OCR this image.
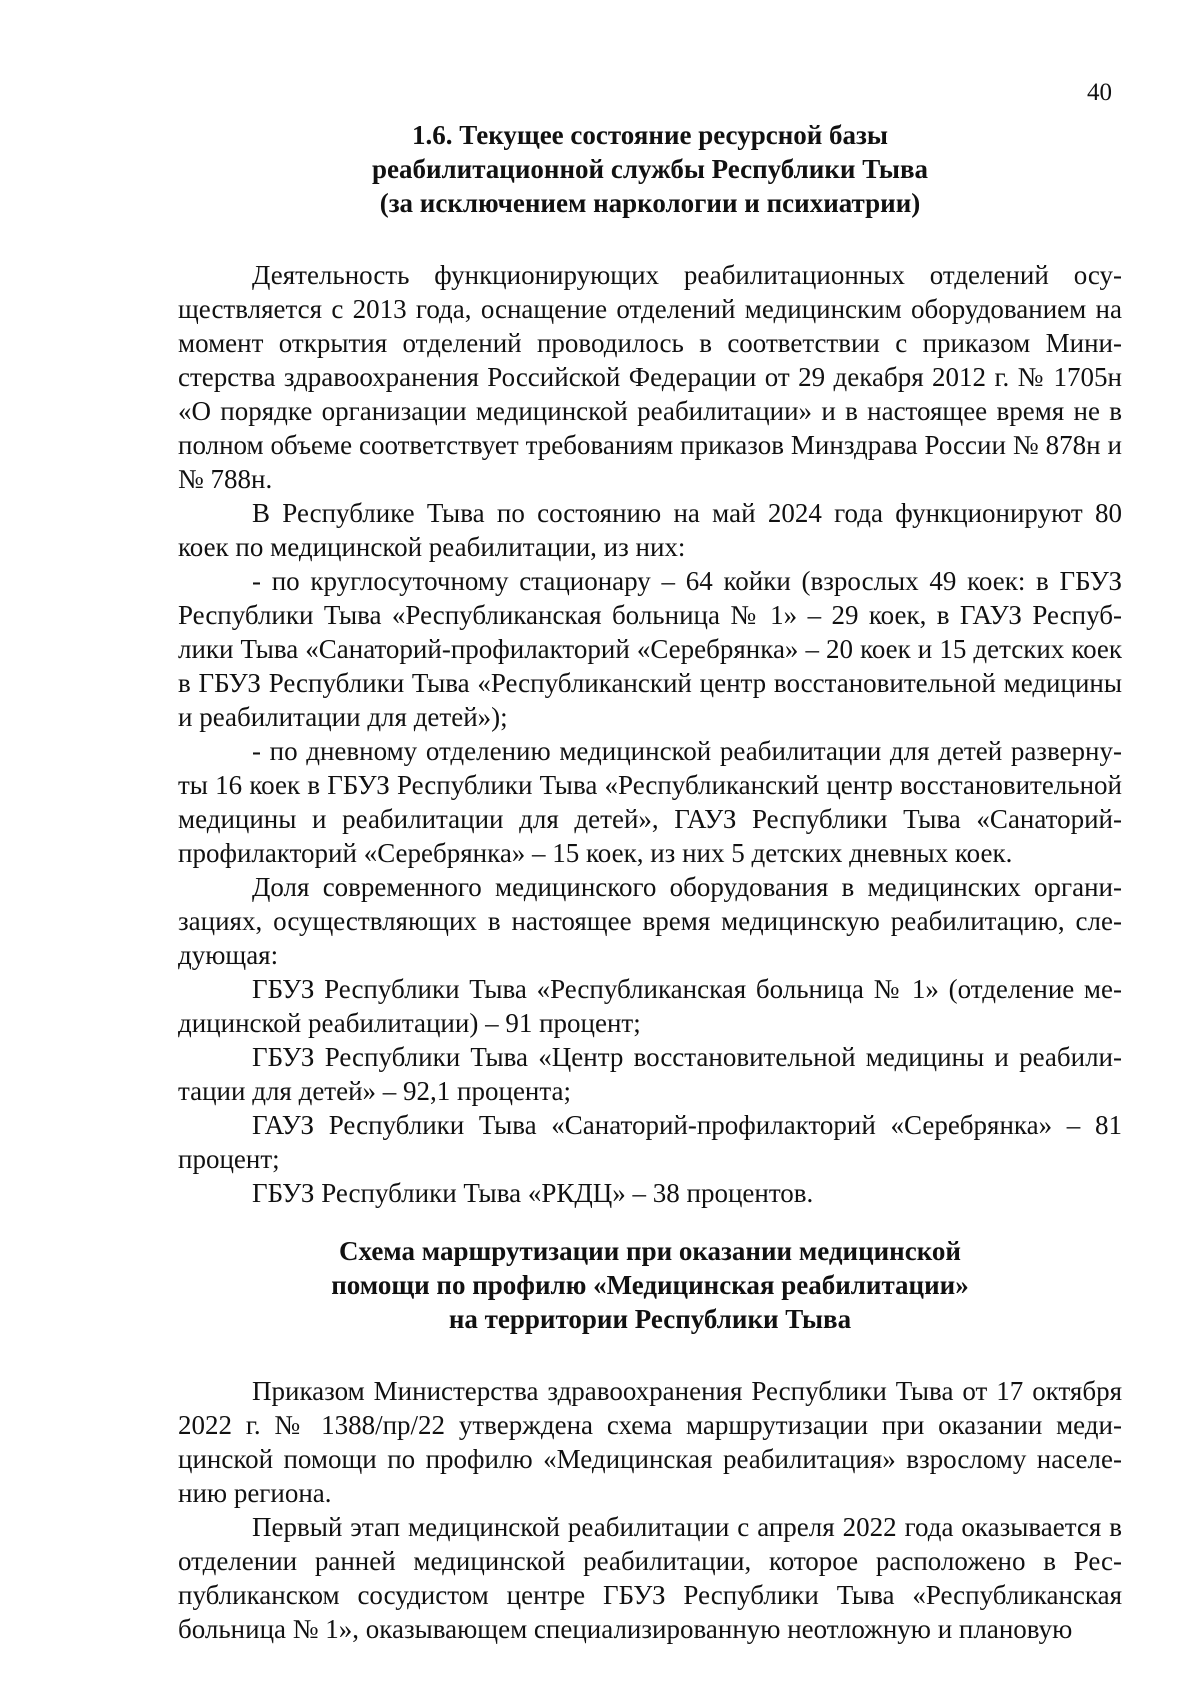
40
1.6. Текущее состояние ресурсной базы
реабилитационной службы Республики Тыва
(за исключением наркологии и психиатрии)

Деятельность функционирующих реабилитационных отделений осуществляется с 2013 года, оснащение отделений медицинским оборудованием на момент открытия отделений проводилось в соответствии с приказом Министерства здравоохранения Российской Федерации от 29 декабря 2012 г. № 1705н «О порядке организации медицинской реабилитации» и в настоящее время не в полном объеме соответствует требованиям приказов Минздрава России № 878н и № 788н.

В Республике Тыва по состоянию на май 2024 года функционируют 80 коек по медицинской реабилитации, из них:

- по круглосуточному стационару – 64 койки (взрослых 49 коек: в ГБУЗ Республики Тыва «Республиканская больница № 1» – 29 коек, в ГАУЗ Республики Тыва «Санаторий-профилакторий «Серебрянка» – 20 коек и 15 детских коек в ГБУЗ Республики Тыва «Республиканский центр восстановительной медицины и реабилитации для детей»);

- по дневному отделению медицинской реабилитации для детей развернуты 16 коек в ГБУЗ Республики Тыва «Республиканский центр восстановительной медицины и реабилитации для детей», ГАУЗ Республики Тыва «Санаторий-профилакторий «Серебрянка» – 15 коек, из них 5 детских дневных коек.

Доля современного медицинского оборудования в медицинских организациях, осуществляющих в настоящее время медицинскую реабилитацию, следующая:

ГБУЗ Республики Тыва «Республиканская больница № 1» (отделение медицинской реабилитации) – 91 процент;

ГБУЗ Республики Тыва «Центр восстановительной медицины и реабилитации для детей» – 92,1 процента;

ГАУЗ Республики Тыва «Санаторий-профилакторий «Серебрянка» – 81 процент;

ГБУЗ Республики Тыва «РКДЦ» – 38 процентов.

Схема маршрутизации при оказании медицинской
помощи по профилю «Медицинская реабилитации»
на территории Республики Тыва

Приказом Министерства здравоохранения Республики Тыва от 17 октября 2022 г. № 1388/пр/22 утверждена схема маршрутизации при оказании медицинской помощи по профилю «Медицинская реабилитация» взрослому населению региона.

Первый этап медицинской реабилитации с апреля 2022 года оказывается в отделении ранней медицинской реабилитации, которое расположено в Республиканском сосудистом центре ГБУЗ Республики Тыва «Республиканская больница № 1», оказывающем специализированную неотложную и плановую
